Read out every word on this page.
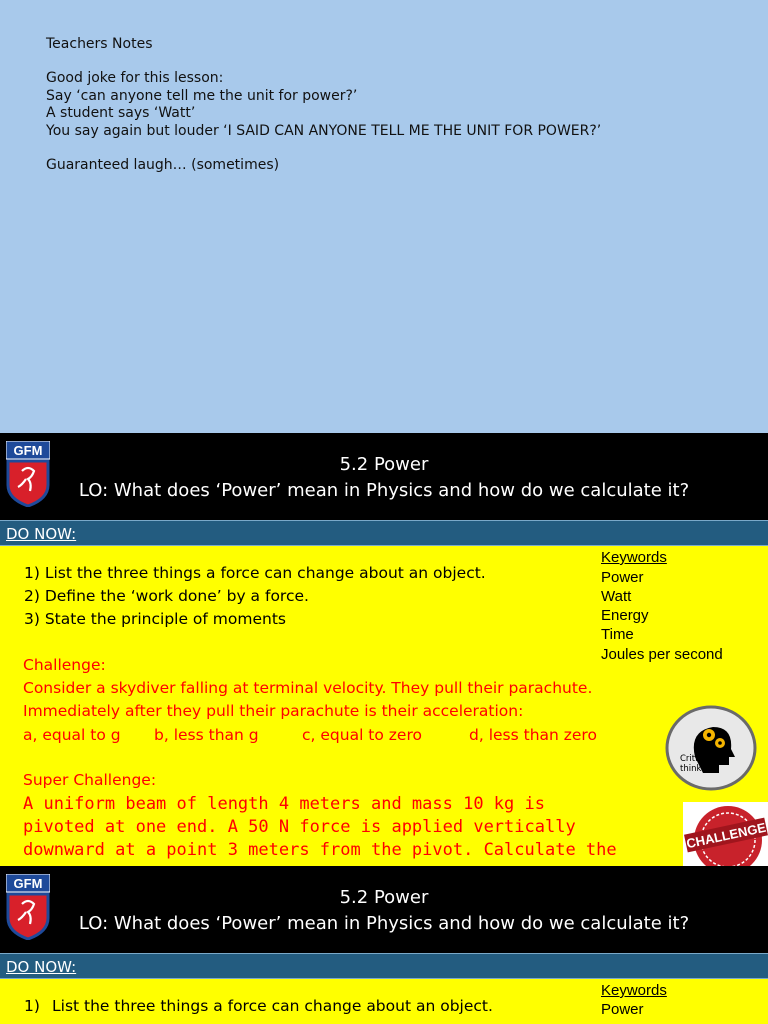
Teachers Notes
Good joke for this lesson:
Say ‘can anyone tell me the unit for power?’
A student says ‘Watt’
You say again but louder ‘I SAID CAN ANYONE TELL ME THE UNIT FOR POWER?’
Guaranteed laugh… (sometimes)
GFM
5.2 Power
LO: What does ‘Power’ mean in Physics and how do we calculate it?
DO NOW:
1) List the three things a force can change about an object.
2) Define the ‘work done’ by a force.
3) State the principle of moments
Challenge:
Consider a skydiver falling at terminal velocity. They pull their parachute.
Immediately after they pull their parachute is their acceleration:
a, equal to g b, less than g	c, equal to zero	d, less than zero
Super Challenge:
A uniform beam of length 4 meters and mass 10 kg is
pivoted at one end. A 50 N force is applied vertically
downward at a point 3 meters from the pivot. Calculate the
Keywords
Power
Watt
Energy
Time
Joules per second
Critical
thinking
CHALLENGE
GFM
5.2 Power
LO: What does ‘Power’ mean in Physics and how do we calculate it?
DO NOW:
1) List the three things a force can change about an object.
Keywords
Power
